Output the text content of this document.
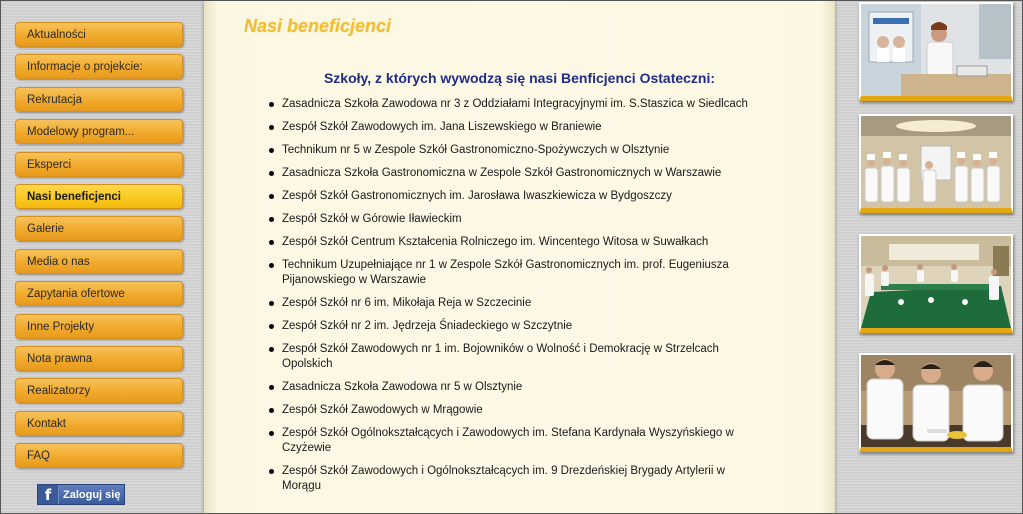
Aktualności
Informacje o projekcie:
Rekrutacja
Modelowy program...
Eksperci
Nasi beneficjenci
Galerie
Media o nas
Zapytania ofertowe
Inne Projekty
Nota prawna
Realizatorzy
Kontakt
FAQ
f	Zaloguj się
Nasi beneficjenci
Szkoły, z których wywodzą się nasi Benficjenci Ostateczni:
Zasadnicza Szkoła Zawodowa nr 3 z Oddziałami Integracyjnymi im. S.Staszica w Siedlcach
Zespół Szkół Zawodowych im. Jana Liszewskiego w Braniewie
Technikum nr 5 w Zespole Szkół Gastronomiczno-Spożywczych w Olsztynie
Zasadnicza Szkoła Gastronomiczna w Zespole Szkół Gastronomicznych w Warszawie
Zespół Szkół Gastronomicznych im. Jarosława Iwaszkiewicza w Bydgoszczy
Zespół Szkół w Górowie Iławieckim
Zespół Szkół Centrum Kształcenia Rolniczego im. Wincentego Witosa w Suwałkach
Technikum Uzupełniające nr 1 w Zespole Szkół Gastronomicznych im. prof. Eugeniusza Pijanowskiego w Warszawie
Zespół Szkół nr 6 im. Mikołaja Reja w Szczecinie
Zespół Szkół nr 2 im. Jędrzeja Śniadeckiego w Szczytnie
Zespół Szkół Zawodowych nr 1 im. Bojowników o Wolność i Demokrację w Strzelcach Opolskich
Zasadnicza Szkoła Zawodowa nr 5 w Olsztynie
Zespół Szkół Zawodowych w Mrągowie
Zespół Szkół Ogólnokształcących i Zawodowych im. Stefana Kardynała Wyszyńskiego w Czyżewie
Zespół Szkół Zawodowych i Ogólnokształcących im. 9 Drezdeńskiej Brygady Artylerii w Morągu
